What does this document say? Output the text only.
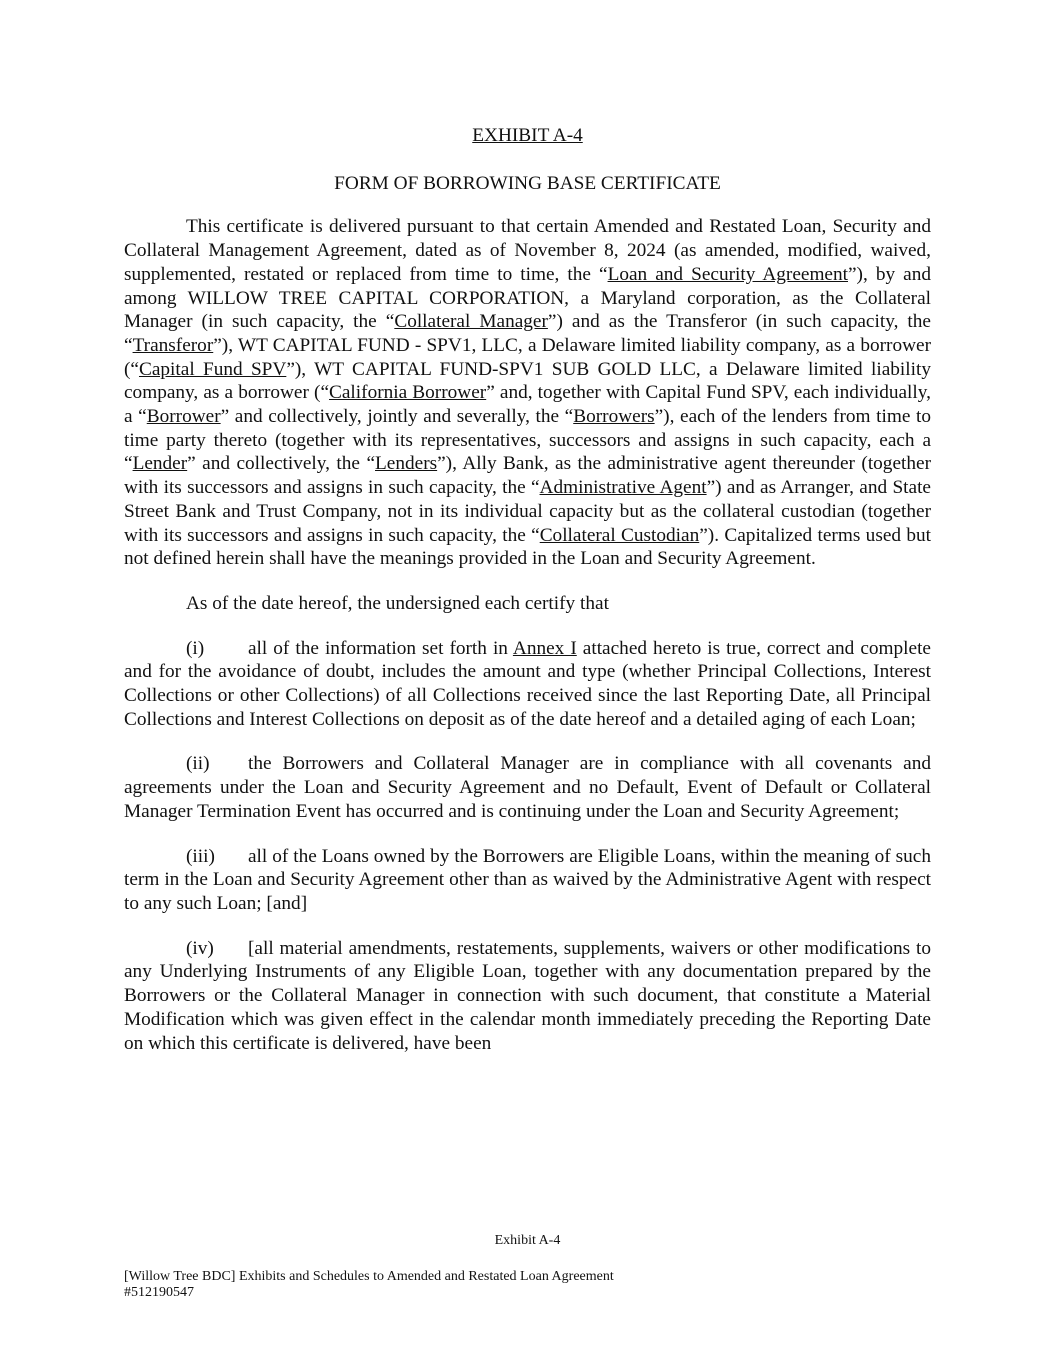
EXHIBIT A-4
FORM OF BORROWING BASE CERTIFICATE

This certificate is delivered pursuant to that certain Amended and Restated Loan, Security and Collateral Management Agreement, dated as of November 8, 2024 (as amended, modified, waived, supplemented, restated or replaced from time to time, the “Loan and Security Agreement”), by and among WILLOW TREE CAPITAL CORPORATION, a Maryland corporation, as the Collateral Manager (in such capacity, the “Collateral Manager”) and as the Transferor (in such capacity, the “Transferor”), WT CAPITAL FUND - SPV1, LLC, a Delaware limited liability company, as a borrower (“Capital Fund SPV”), WT CAPITAL FUND-SPV1 SUB GOLD LLC, a Delaware limited liability company, as a borrower (“California Borrower” and, together with Capital Fund SPV, each individually, a “Borrower” and collectively, jointly and severally, the “Borrowers”), each of the lenders from time to time party thereto (together with its representatives, successors and assigns in such capacity, each a “Lender” and collectively, the “Lenders”), Ally Bank, as the administrative agent thereunder (together with its successors and assigns in such capacity, the “Administrative Agent”) and as Arranger, and State Street Bank and Trust Company, not in its individual capacity but as the collateral custodian (together with its successors and assigns in such capacity, the “Collateral Custodian”). Capitalized terms used but not defined herein shall have the meanings provided in the Loan and Security Agreement.

As of the date hereof, the undersigned each certify that

(i) all of the information set forth in Annex I attached hereto is true, correct and complete and for the avoidance of doubt, includes the amount and type (whether Principal Collections, Interest Collections or other Collections) of all Collections received since the last Reporting Date, all Principal Collections and Interest Collections on deposit as of the date hereof and a detailed aging of each Loan;

(ii) the Borrowers and Collateral Manager are in compliance with all covenants and agreements under the Loan and Security Agreement and no Default, Event of Default or Collateral Manager Termination Event has occurred and is continuing under the Loan and Security Agreement;

(iii) all of the Loans owned by the Borrowers are Eligible Loans, within the meaning of such term in the Loan and Security Agreement other than as waived by the Administrative Agent with respect to any such Loan; [and]

(iv) [all material amendments, restatements, supplements, waivers or other modifications to any Underlying Instruments of any Eligible Loan, together with any documentation prepared by the Borrowers or the Collateral Manager in connection with such document, that constitute a Material Modification which was given effect in the calendar month immediately preceding the Reporting Date on which this certificate is delivered, have been

Exhibit A-4
[Willow Tree BDC] Exhibits and Schedules to Amended and Restated Loan Agreement
#512190547
